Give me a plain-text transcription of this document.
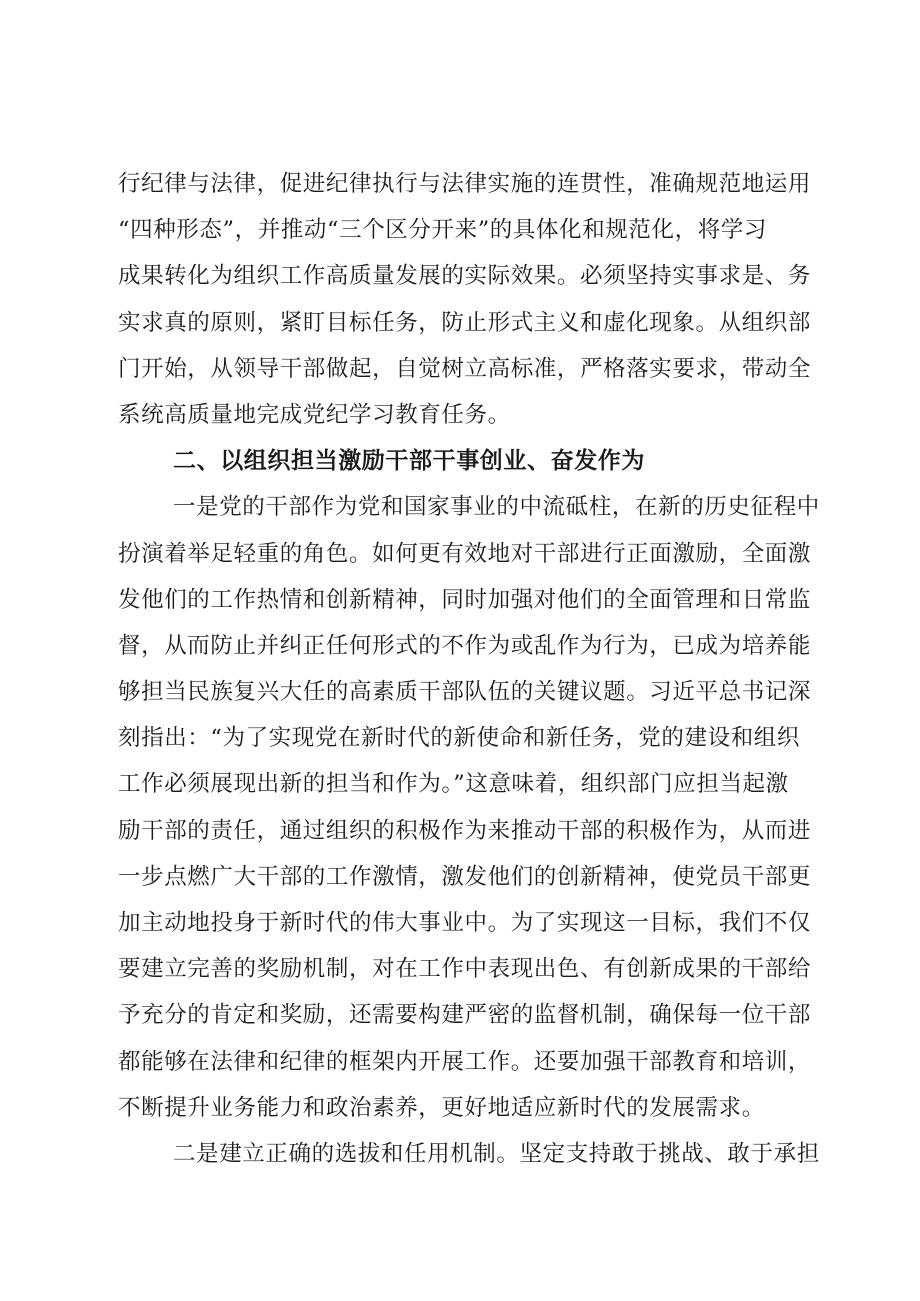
行纪律与法律，促进纪律执行与法律实施的连贯性，准确规范地运用
“四种形态”，并推动“三个区分开来”的具体化和规范化，将学习
成果转化为组织工作高质量发展的实际效果。必须坚持实事求是、务
实求真的原则，紧盯目标任务，防止形式主义和虚化现象。从组织部
门开始，从领导干部做起，自觉树立高标准，严格落实要求，带动全
系统高质量地完成党纪学习教育任务。
二、以组织担当激励干部干事创业、奋发作为
一是党的干部作为党和国家事业的中流砥柱，在新的历史征程中
扮演着举足轻重的角色。如何更有效地对干部进行正面激励，全面激
发他们的工作热情和创新精神，同时加强对他们的全面管理和日常监
督，从而防止并纠正任何形式的不作为或乱作为行为，已成为培养能
够担当民族复兴大任的高素质干部队伍的关键议题。习近平总书记深
刻指出：“为了实现党在新时代的新使命和新任务，党的建设和组织
工作必须展现出新的担当和作为。”这意味着，组织部门应担当起激
励干部的责任，通过组织的积极作为来推动干部的积极作为，从而进
一步点燃广大干部的工作激情，激发他们的创新精神，使党员干部更
加主动地投身于新时代的伟大事业中。为了实现这一目标，我们不仅
要建立完善的奖励机制，对在工作中表现出色、有创新成果的干部给
予充分的肯定和奖励，还需要构建严密的监督机制，确保每一位干部
都能够在法律和纪律的框架内开展工作。还要加强干部教育和培训，
不断提升业务能力和政治素养，更好地适应新时代的发展需求。
二是建立正确的选拔和任用机制。坚定支持敢于挑战、敢于承担
